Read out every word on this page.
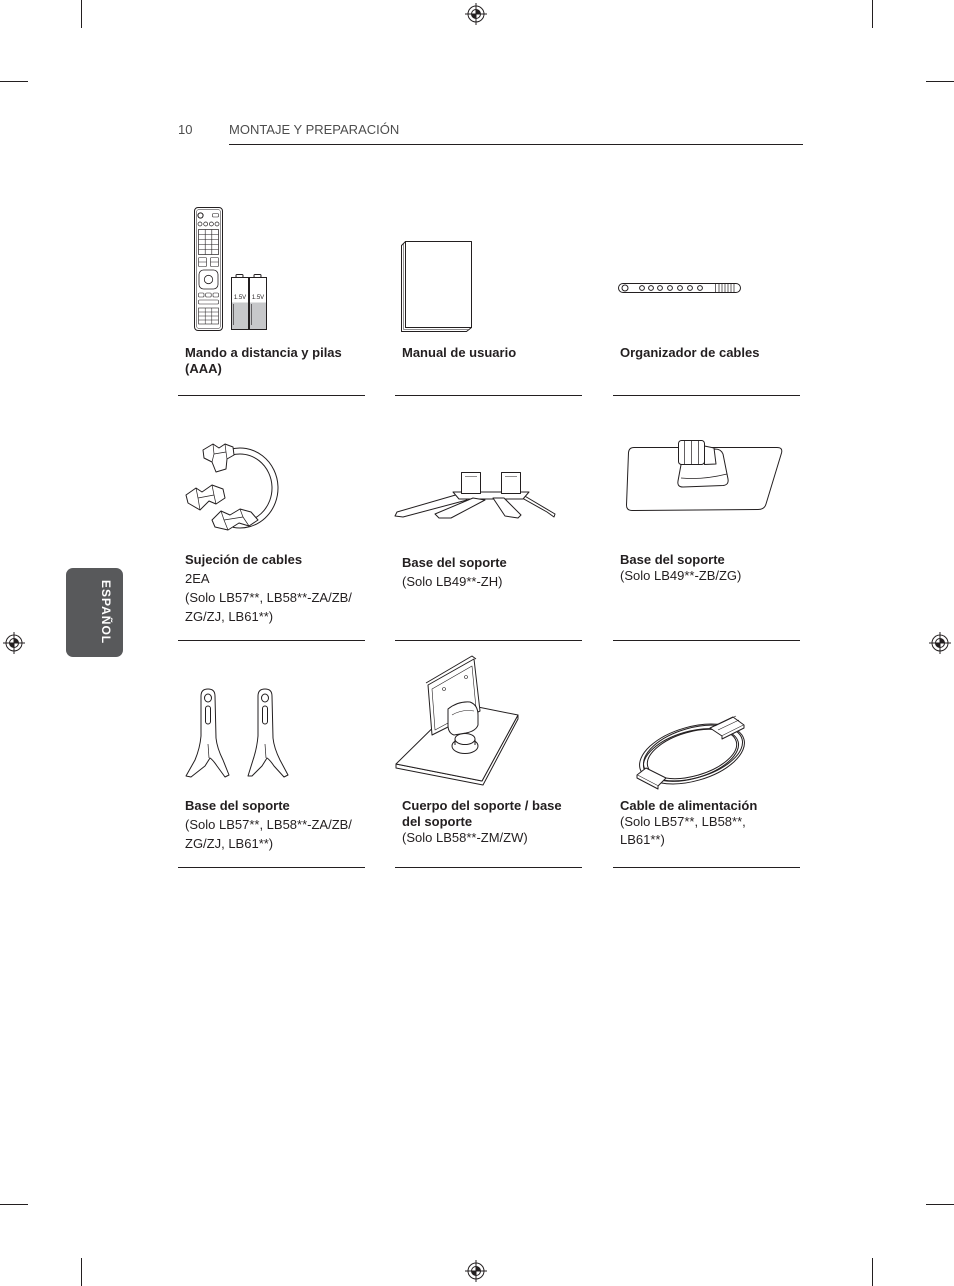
10	MONTAJE Y PREPARACIÓN
ESPAÑOL
1.5V 1.5V
Mando a distancia y pilas
(AAA)
Manual de usuario	Organizador de cables
Sujeción de cables
2EA
(Solo LB57**, LB58**-ZA/ZB/
ZG/ZJ, LB61**)
Base del soporte
(Solo LB49**-ZH)
Base del soporte
(Solo LB49**-ZB/ZG)
Base del soporte
(Solo LB57**, LB58**-ZA/ZB/
ZG/ZJ, LB61**)
Cuerpo del soporte / base
del soporte
(Solo LB58**-ZM/ZW)
Cable de alimentación
(Solo LB57**, LB58**,
LB61**)
